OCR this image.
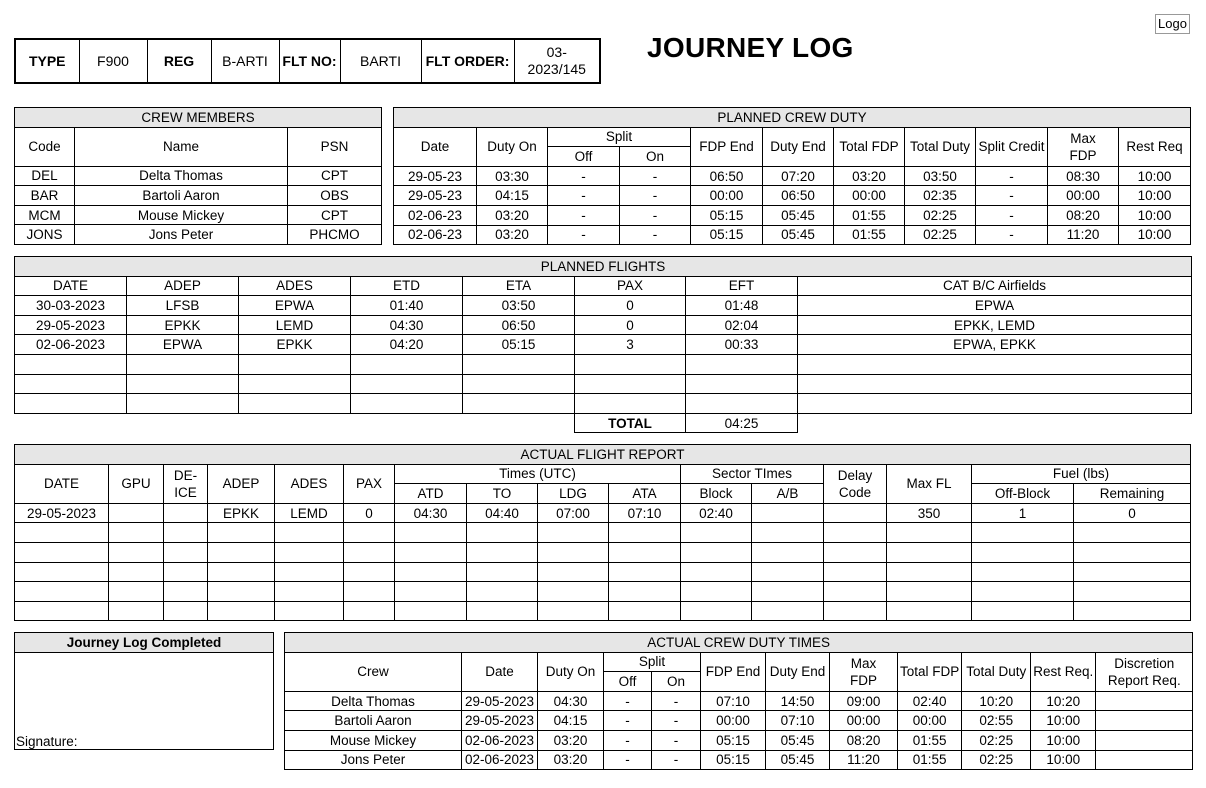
Logo
JOURNEY LOG
TYPE	F900	REG	B-ARTI	FLT NO:	BARTI	FLT ORDER:	03-2023/145
CREW MEMBERS		
Code	Name	PSN
DEL	Delta Thomas	CPT
BAR	Bartoli Aaron	OBS
MCM	Mouse Mickey	CPT
JONS	Jons Peter	PHCMO
PLANNED CREW DUTY										
Date	Duty On	Split		FDP End	Duty End	Total FDP	Total Duty	Split Credit	Max FDP	Rest Req
		Off	On							
29-05-23	03:30	-	-	06:50	07:20	03:20	03:50	-	08:30	10:00
29-05-23	04:15	-	-	00:00	06:50	00:00	02:35	-	00:00	10:00
02-06-23	03:20	-	-	05:15	05:45	01:55	02:25	-	08:20	10:00
02-06-23	03:20	-	-	05:15	05:45	01:55	02:25	-	11:20	10:00
PLANNED FLIGHTS							
DATE	ADEP	ADES	ETD	ETA	PAX	EFT	CAT B/C Airfields
30-03-2023	LFSB	EPWA	01:40	03:50	0	01:48	EPWA
29-05-2023	EPKK	LEMD	04:30	06:50	0	02:04	EPKK, LEMD
02-06-2023	EPWA	EPKK	04:20	05:15	3	00:33	EPWA, EPKK

					TOTAL	04:25	
ACTUAL FLIGHT REPORT															
DATE	GPU	DE-ICE	ADEP	ADES	PAX	Times (UTC)				Sector TImes		Delay Code	Max FL	Fuel (lbs)	
						ATD	TO	LDG	ATA	Block	A/B			Off-Block	Remaining
29-05-2023			EPKK	LEMD	0	04:30	04:40	07:00	07:10	02:40			350	1	0

Journey Log Completed
Signature:
ACTUAL CREW DUTY TIMES											
Crew	Date	Duty On	Split		FDP End	Duty End	Max FDP	Total FDP	Total Duty	Rest Req.	Discretion Report Req.
			Off	On							
Delta Thomas	29-05-2023	04:30	-	-	07:10	14:50	09:00	02:40	10:20	10:20	
Bartoli Aaron	29-05-2023	04:15	-	-	00:00	07:10	00:00	00:00	02:55	10:00	
Mouse Mickey	02-06-2023	03:20	-	-	05:15	05:45	08:20	01:55	02:25	10:00	
Jons Peter	02-06-2023	03:20	-	-	05:15	05:45	11:20	01:55	02:25	10:00	
